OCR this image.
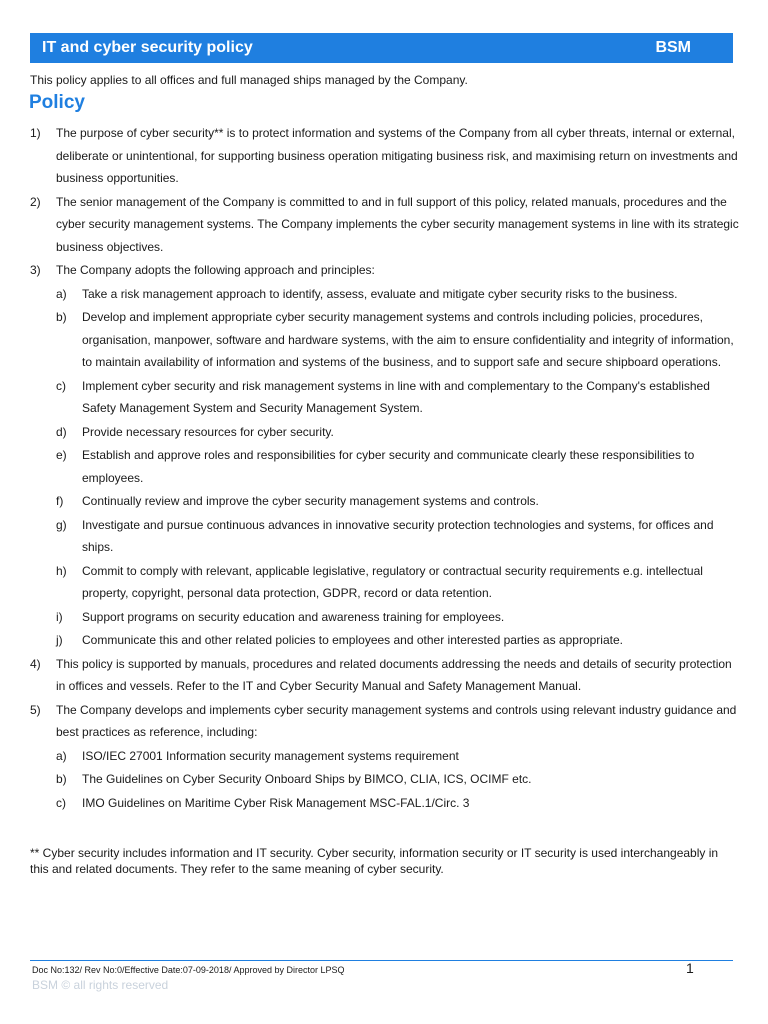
IT and cyber security policy	BSM
This policy applies to all offices and full managed ships managed by the Company.
Policy
1) The purpose of cyber security** is to protect information and systems of the Company from all cyber threats, internal or external, deliberate or unintentional, for supporting business operation mitigating business risk, and maximising return on investments and business opportunities.
2) The senior management of the Company is committed to and in full support of this policy, related manuals, procedures and the cyber security management systems. The Company implements the cyber security management systems in line with its strategic business objectives.
3) The Company adopts the following approach and principles:
a) Take a risk management approach to identify, assess, evaluate and mitigate cyber security risks to the business.
b) Develop and implement appropriate cyber security management systems and controls including policies, procedures, organisation, manpower, software and hardware systems, with the aim to ensure confidentiality and integrity of information, to maintain availability of information and systems of the business, and to support safe and secure shipboard operations.
c) Implement cyber security and risk management systems in line with and complementary to the Company's established Safety Management System and Security Management System.
d) Provide necessary resources for cyber security.
e) Establish and approve roles and responsibilities for cyber security and communicate clearly these responsibilities to employees.
f) Continually review and improve the cyber security management systems and controls.
g) Investigate and pursue continuous advances in innovative security protection technologies and systems, for offices and ships.
h) Commit to comply with relevant, applicable legislative, regulatory or contractual security requirements e.g. intellectual property, copyright, personal data protection, GDPR, record or data retention.
i) Support programs on security education and awareness training for employees.
j) Communicate this and other related policies to employees and other interested parties as appropriate.
4) This policy is supported by manuals, procedures and related documents addressing the needs and details of security protection in offices and vessels. Refer to the IT and Cyber Security Manual and Safety Management Manual.
5) The Company develops and implements cyber security management systems and controls using relevant industry guidance and best practices as reference, including:
a) ISO/IEC 27001 Information security management systems requirement
b) The Guidelines on Cyber Security Onboard Ships by BIMCO, CLIA, ICS, OCIMF etc.
c) IMO Guidelines on Maritime Cyber Risk Management MSC-FAL.1/Circ. 3
** Cyber security includes information and IT security. Cyber security, information security or IT security is used interchangeably in this and related documents. They refer to the same meaning of cyber security.
Doc No:132/ Rev No:0/Effective Date:07-09-2018/ Approved by Director LPSQ	1
BSM © all rights reserved
